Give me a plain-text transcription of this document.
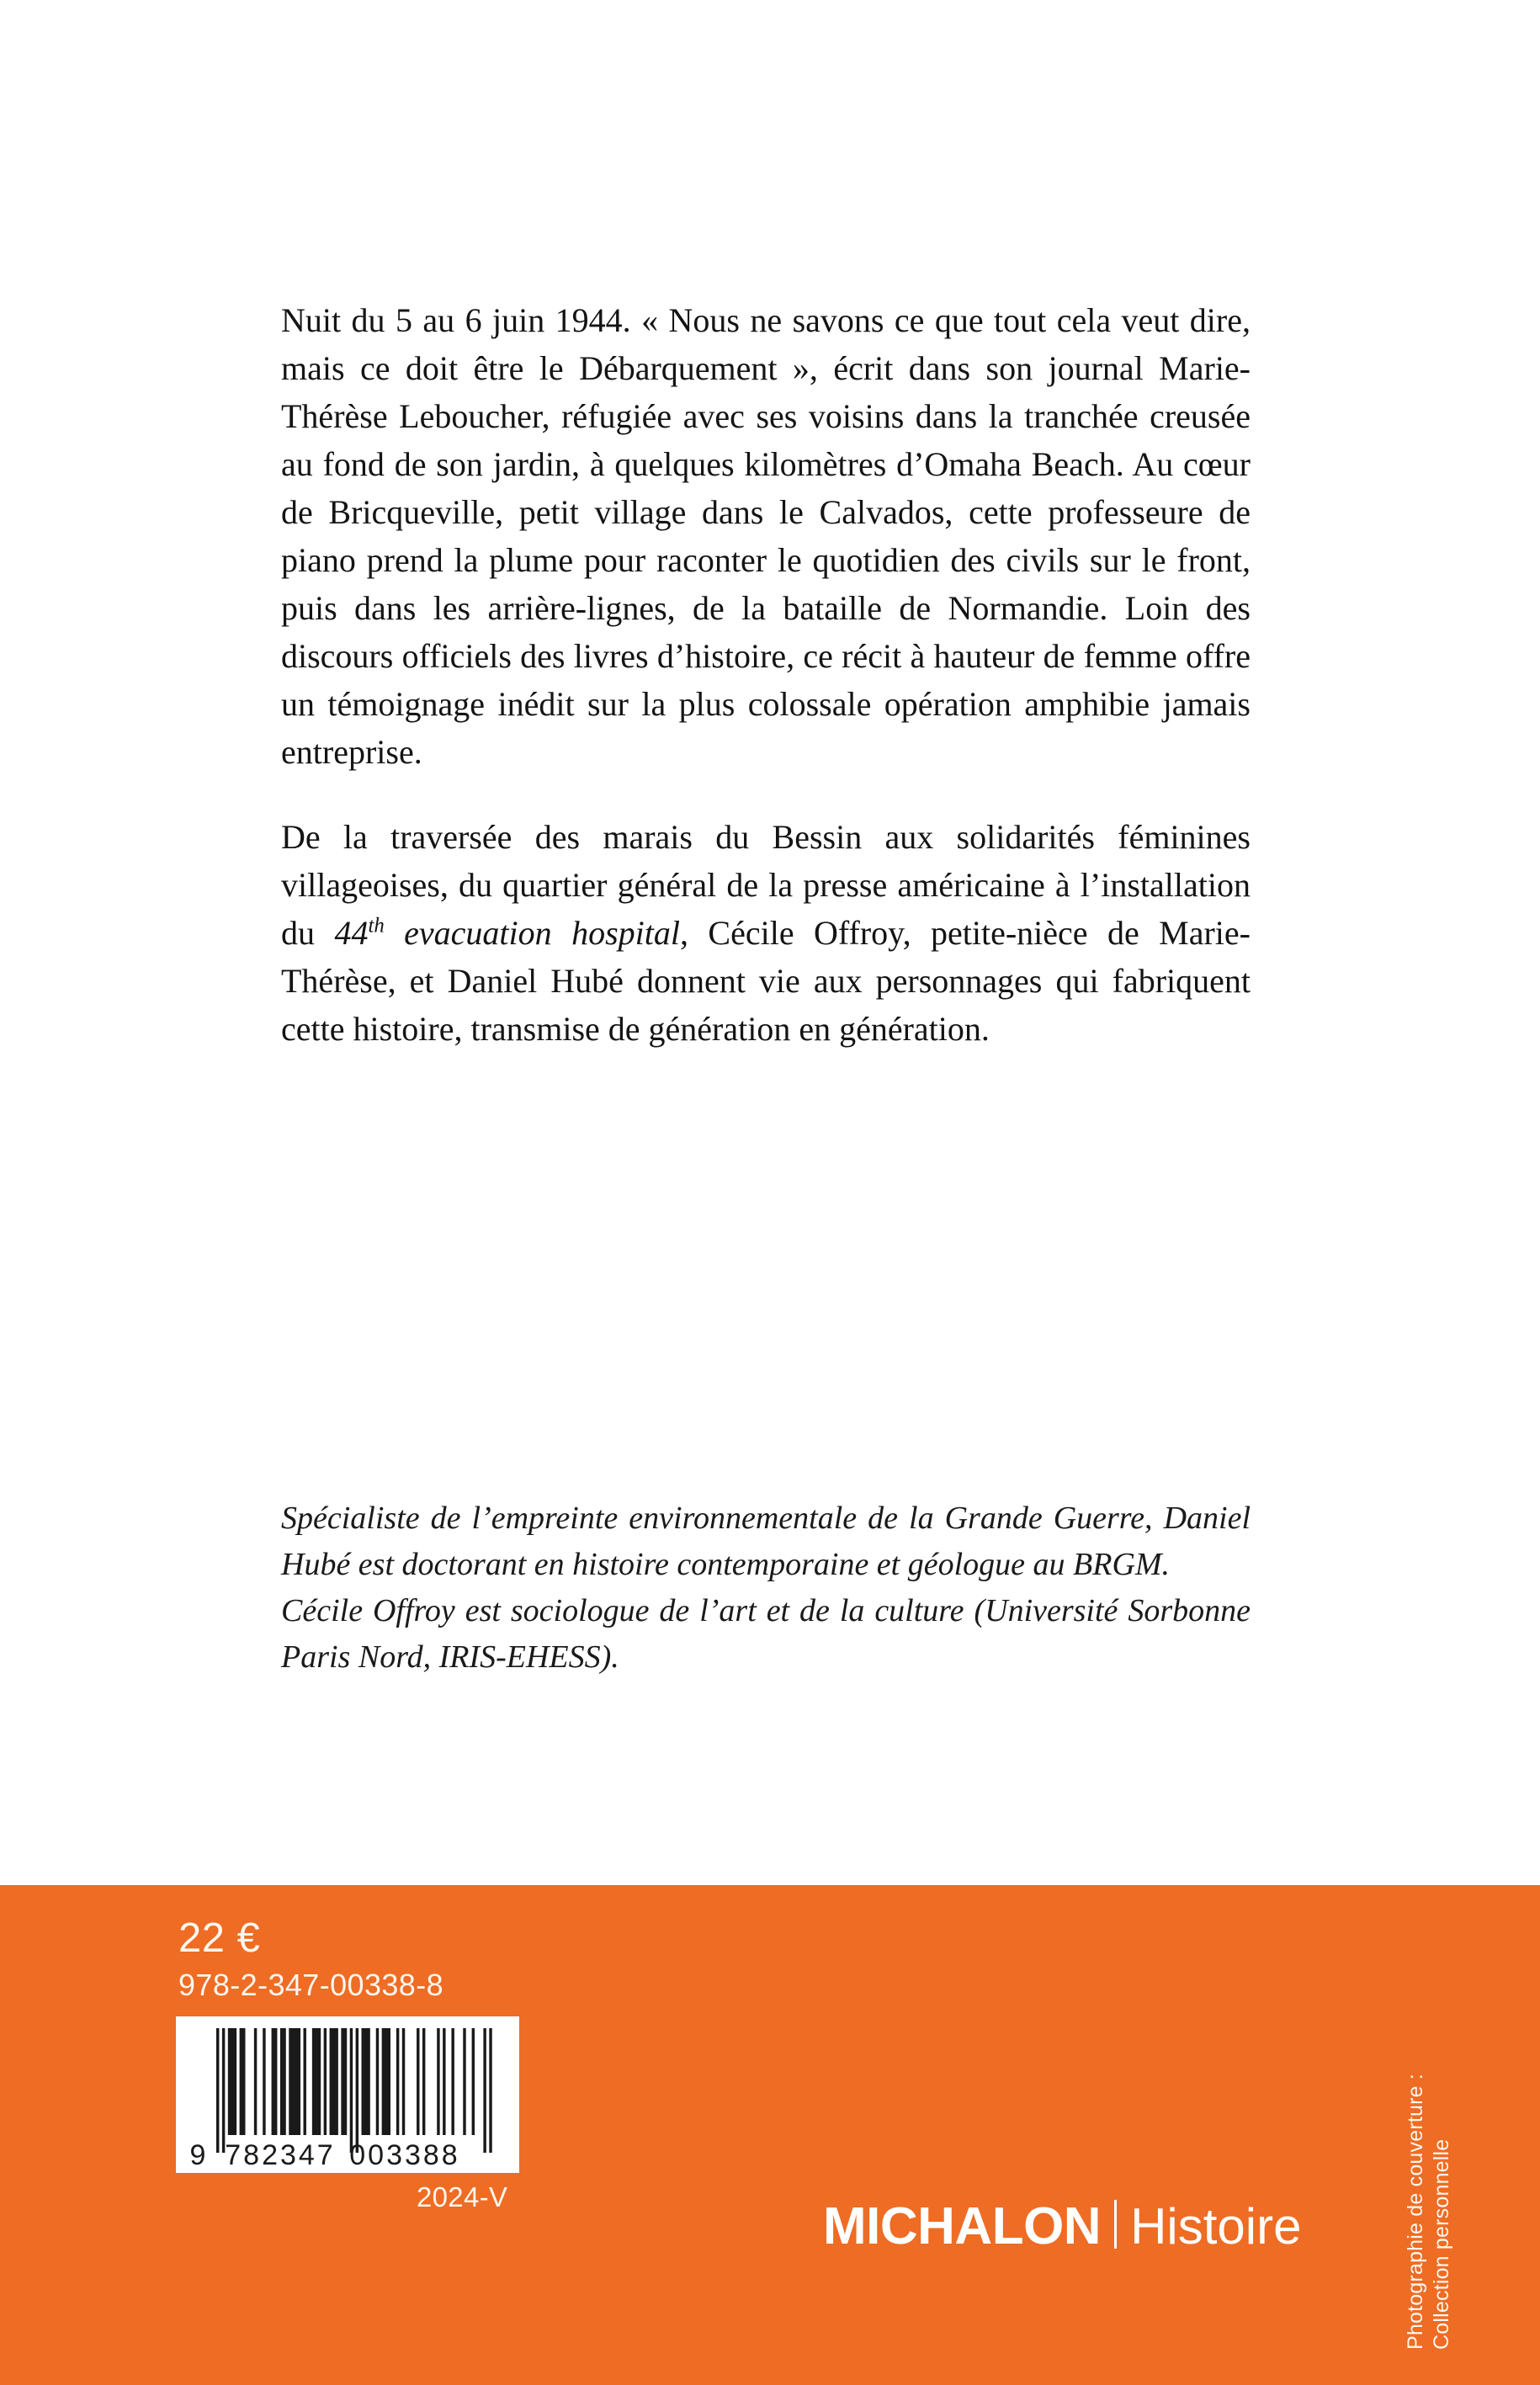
Nuit du 5 au 6 juin 1944. « Nous ne savons ce que tout cela veut dire, mais ce doit être le Débarquement », écrit dans son journal Marie-Thérèse Leboucher, réfugiée avec ses voisins dans la tranchée creusée au fond de son jardin, à quelques kilomètres d’Omaha Beach. Au cœur de Bricqueville, petit village dans le Calvados, cette professeure de piano prend la plume pour raconter le quotidien des civils sur le front, puis dans les arrière-lignes, de la bataille de Normandie. Loin des discours officiels des livres d’histoire, ce récit à hauteur de femme offre un témoignage inédit sur la plus colossale opération amphibie jamais entreprise.

De la traversée des marais du Bessin aux solidarités féminines villageoises, du quartier général de la presse américaine à l’installation du 44th evacuation hospital, Cécile Offroy, petite-nièce de Marie-Thérèse, et Daniel Hubé donnent vie aux personnages qui fabriquent cette histoire, transmise de génération en génération.

Spécialiste de l’empreinte environnementale de la Grande Guerre, Daniel Hubé est doctorant en histoire contemporaine et géologue au BRGM.

Cécile Offroy est sociologue de l’art et de la culture (Université Sorbonne Paris Nord, IRIS-EHESS).

22 €
978-2-347-00338-8
9 782347 003388
2024-V
MICHALON Histoire	Photographie de couverture : Collection personnelle
